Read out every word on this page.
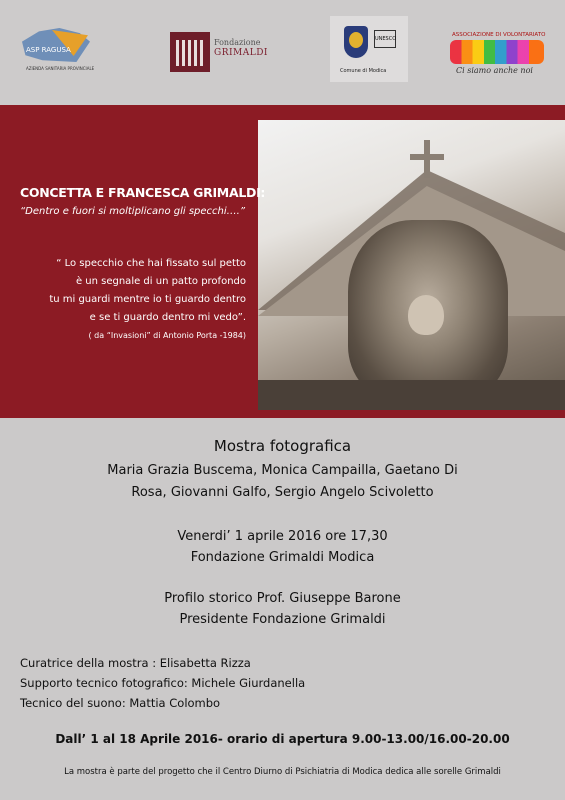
ASP RAGUSA
AZIENDA SANITARIA PROVINCIALE
Fondazione
GRIMALDI
UNESCO
Comune di Modica
ASSOCIAZIONE DI VOLONTARIATO
Ci siamo anche noi
CONCETTA E FRANCESCA GRIMALDI:
“Dentro e fuori si moltiplicano gli specchi….”
“ Lo specchio che hai fissato sul petto
è un segnale di un patto profondo
tu mi guardi mentre io ti guardo dentro
e se ti guardo dentro mi vedo”.
( da “Invasioni” di Antonio Porta -1984)
Mostra fotografica
Maria Grazia Buscema, Monica Campailla, Gaetano Di
Rosa, Giovanni Galfo, Sergio Angelo Scivoletto
Venerdi’ 1 aprile 2016 ore 17,30
Fondazione Grimaldi Modica
Profilo storico Prof. Giuseppe Barone
Presidente Fondazione Grimaldi
Curatrice della mostra : Elisabetta Rizza
Supporto tecnico fotografico: Michele Giurdanella
Tecnico del suono: Mattia Colombo
Dall’ 1 al 18 Aprile 2016- orario di apertura 9.00-13.00/16.00-20.00
La mostra è parte del progetto che il Centro Diurno di Psichiatria di Modica dedica alle sorelle Grimaldi
